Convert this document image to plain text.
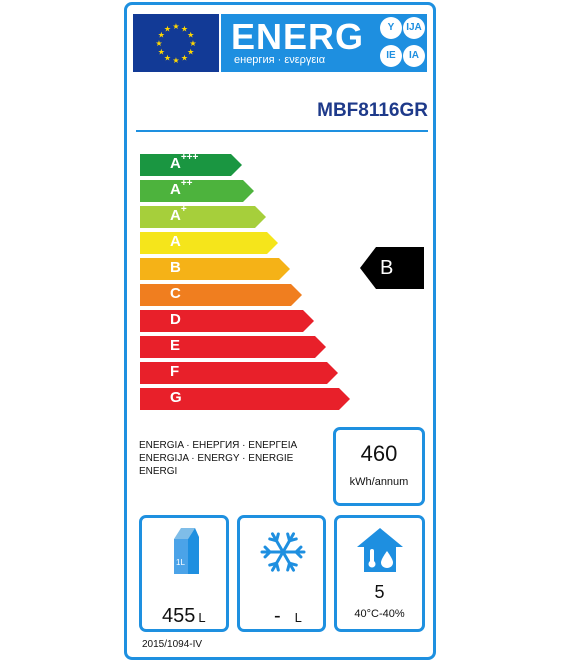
★ ★
★
★
★
★
★
★
★
★
★
★ ENERG
енергия · ενεργεια
Y	IJA
IE	IA
MBF8116GR
A+++
A++
A+
A
B
C
D
E
F
G
B
ENERGIA · ЕНЕРГИЯ · ΕΝΕΡΓΕΙΑ
ENERGIJA · ENERGY · ENERGIE
ENERGI
460
kWh/annum
1L
455 L	- L
5
40°C-40%
2015/1094-IV
